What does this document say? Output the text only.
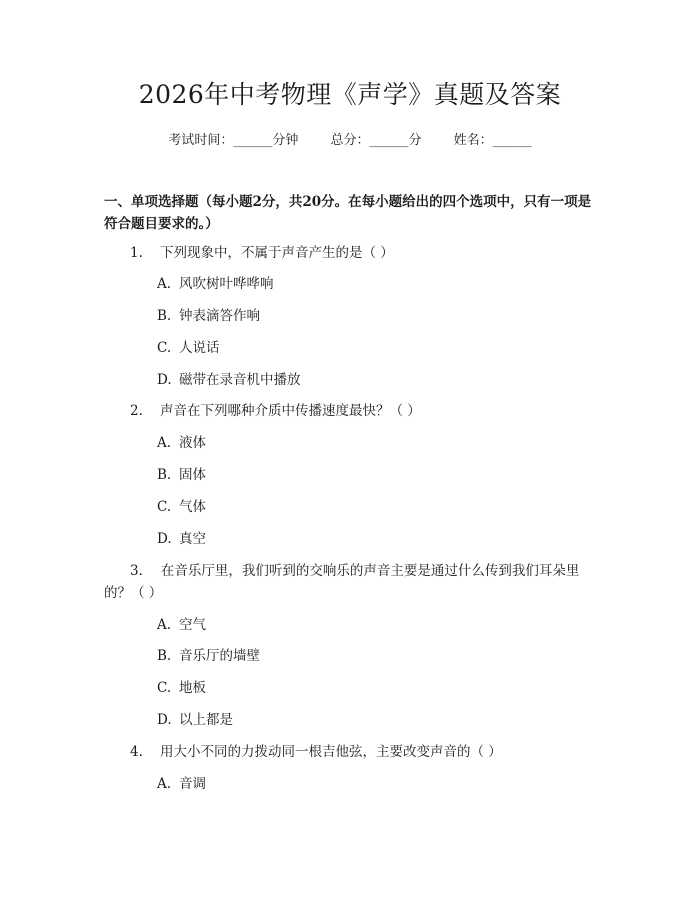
2026年中考物理《声学》真题及答案
考试时间：______分钟 总分：______分 姓名：______
一、单项选择题（每小题2分，共20分。在每小题给出的四个选项中，只有一项是符合题目要求的。）
1. 下列现象中，不属于声音产生的是（ ）
A. 风吹树叶哗哗响
B. 钟表滴答作响
C. 人说话
D. 磁带在录音机中播放
2. 声音在下列哪种介质中传播速度最快？（ ）
A. 液体
B. 固体
C. 气体
D. 真空
3. 在音乐厅里，我们听到的交响乐的声音主要是通过什么传到我们耳朵里的？（ ）
A. 空气
B. 音乐厅的墙壁
C. 地板
D. 以上都是
4. 用大小不同的力拨动同一根吉他弦，主要改变声音的（ ）
A. 音调
